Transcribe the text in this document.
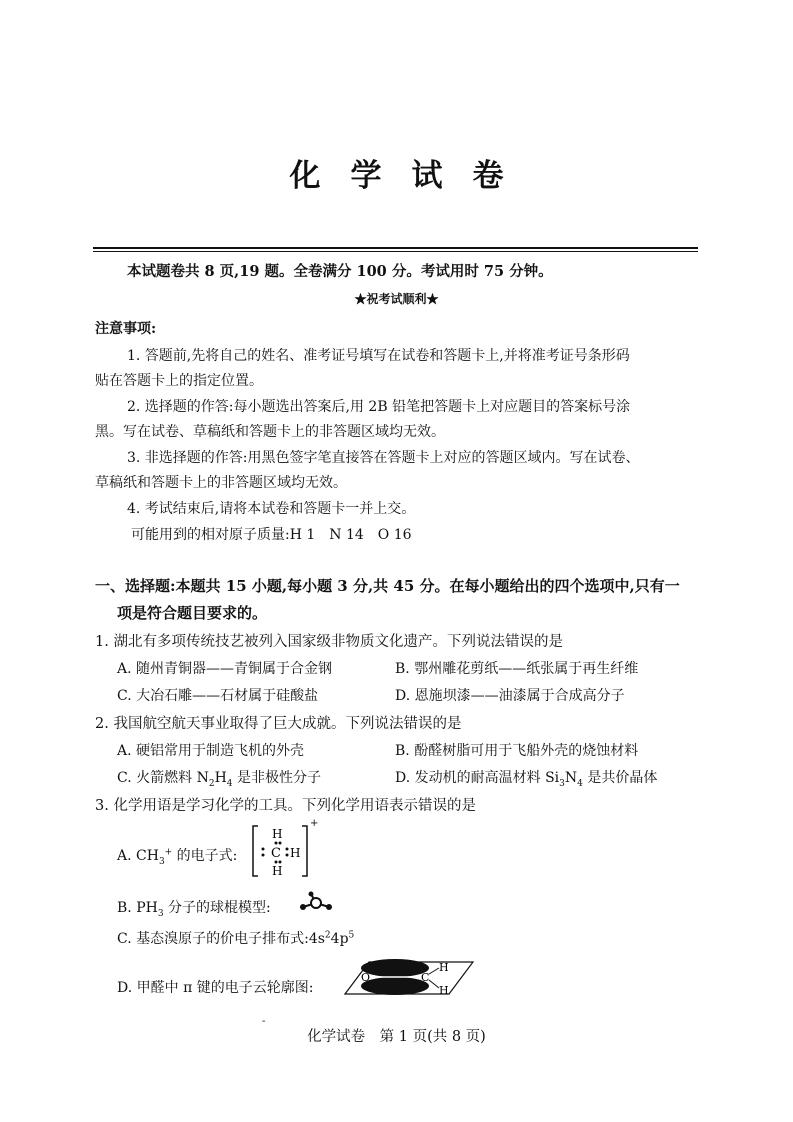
化学试卷
本试题卷共 8 页,19 题。全卷满分 100 分。考试用时 75 分钟。
★祝考试顺利★
注意事项:
1. 答题前,先将自己的姓名、准考证号填写在试卷和答题卡上,并将准考证号条形码
贴在答题卡上的指定位置。
2. 选择题的作答:每小题选出答案后,用 2B 铅笔把答题卡上对应题目的答案标号涂
黑。写在试卷、草稿纸和答题卡上的非答题区域均无效。
3. 非选择题的作答:用黑色签字笔直接答在答题卡上对应的答题区域内。写在试卷、
草稿纸和答题卡上的非答题区域均无效。
4. 考试结束后,请将本试卷和答题卡一并上交。
可能用到的相对原子质量:H 1　N 14　O 16
一、选择题:本题共 15 小题,每小题 3 分,共 45 分。在每小题给出的四个选项中,只有一
项是符合题目要求的。
1. 湖北有多项传统技艺被列入国家级非物质文化遗产。下列说法错误的是
A. 随州青铜器——青铜属于合金钢	B. 鄂州雕花剪纸——纸张属于再生纤维
C. 大冶石雕——石材属于硅酸盐	D. 恩施坝漆——油漆属于合成高分子
2. 我国航空航天事业取得了巨大成就。下列说法错误的是
A. 硬铝常用于制造飞机的外壳	B. 酚醛树脂可用于飞船外壳的烧蚀材料
C. 火箭燃料 $N_2H_4$ 是非极性分子	D. 发动机的耐高温材料 $Si_3N_4$ 是共价晶体
3. 化学用语是学习化学的工具。下列化学用语表示错误的是
A. $CH_3^+$ 的电子式:
H
C H
H
+
B. $PH_3$ 分子的球棍模型:
C. 基态溴原子的价电子排布式$:4s^24p^5$
D. 甲醛中 π 键的电子云轮廓图:
O	C
H
H
-
化学试卷　第 1 页(共 8 页)
